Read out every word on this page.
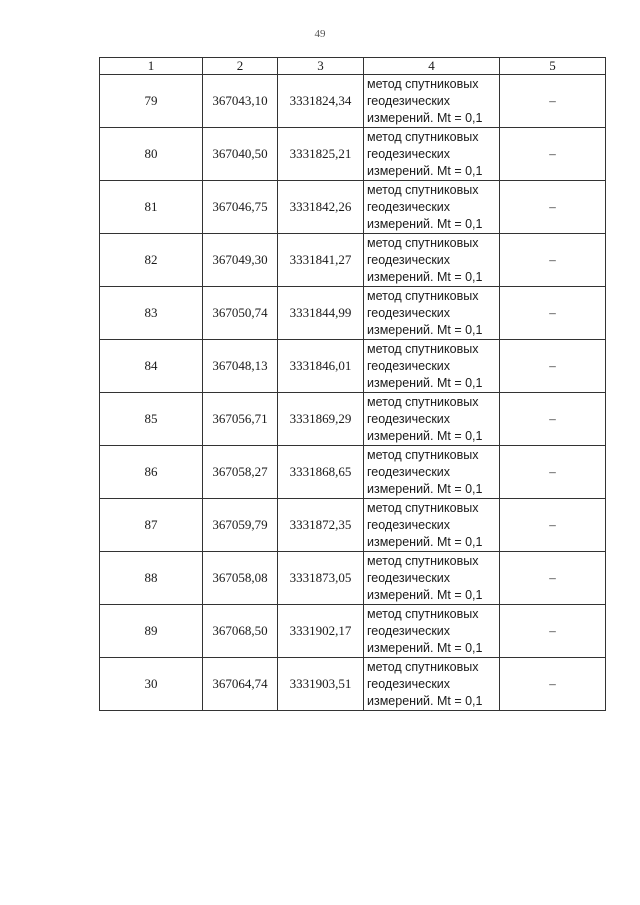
49
1	2	3	4	5
79	367043,10	3331824,34	метод спутниковых
геодезических
измерений. Mt = 0,1	–
80	367040,50	3331825,21	метод спутниковых
геодезических
измерений. Mt = 0,1	–
81	367046,75	3331842,26	метод спутниковых
геодезических
измерений. Mt = 0,1	–
82	367049,30	3331841,27	метод спутниковых
геодезических
измерений. Mt = 0,1	–
83	367050,74	3331844,99	метод спутниковых
геодезических
измерений. Mt = 0,1	–
84	367048,13	3331846,01	метод спутниковых
геодезических
измерений. Mt = 0,1	–
85	367056,71	3331869,29	метод спутниковых
геодезических
измерений. Mt = 0,1	–
86	367058,27	3331868,65	метод спутниковых
геодезических
измерений. Mt = 0,1	–
87	367059,79	3331872,35	метод спутниковых
геодезических
измерений. Mt = 0,1	–
88	367058,08	3331873,05	метод спутниковых
геодезических
измерений. Mt = 0,1	–
89	367068,50	3331902,17	метод спутниковых
геодезических
измерений. Mt = 0,1	–
30	367064,74	3331903,51	метод спутниковых
геодезических
измерений. Mt = 0,1	–
